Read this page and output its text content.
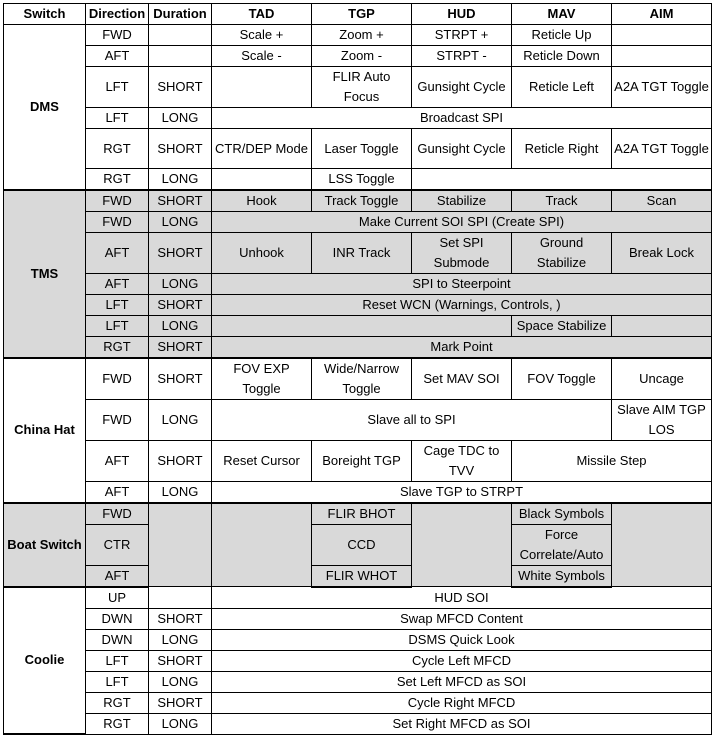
Switch	Direction	Duration	TAD	TGP	HUD	MAV	AIM
DMS	FWD		Scale +	Zoom +	STRPT +	Reticle Up	
	AFT		Scale -	Zoom -	STRPT -	Reticle Down	
	LFT	SHORT		FLIR Auto Focus	Gunsight Cycle	Reticle Left	A2A TGT Toggle
	LFT	LONG	Broadcast SPI				
	RGT	SHORT	CTR/DEP Mode	Laser Toggle	Gunsight Cycle	Reticle Right	A2A TGT Toggle
	RGT	LONG		LSS Toggle			

TMS	FWD	SHORT	Hook	Track Toggle	Stabilize	Track	Scan
	FWD	LONG	Make Current SOI SPI (Create SPI)				
	AFT	SHORT	Unhook	INR Track	Set SPI Submode	Ground Stabilize	Break Lock
	AFT	LONG	SPI to Steerpoint				
	LFT	SHORT	Reset WCN (Warnings, Controls, )				
	LFT	LONG				Space Stabilize	
	RGT	SHORT	Mark Point				
China Hat	FWD	SHORT	FOV EXP Toggle	Wide/Narrow Toggle	Set MAV SOI	FOV Toggle	Uncage
	FWD	LONG	Slave all to SPI				Slave AIM TGP LOS
	AFT	SHORT	Reset Cursor	Boreight TGP	Cage TDC to TVV	Missile Step	
	AFT	LONG	Slave TGP to STRPT				
Boat Switch	FWD			FLIR BHOT		Black Symbols	
	CTR			CCD		Force Correlate/Auto	
	AFT			FLIR WHOT		White Symbols	
Coolie	UP		HUD SOI				
	DWN	SHORT	Swap MFCD Content				
	DWN	LONG	DSMS Quick Look				
	LFT	SHORT	Cycle Left MFCD				
	LFT	LONG	Set Left MFCD as SOI				
	RGT	SHORT	Cycle Right MFCD				
	RGT	LONG	Set Right MFCD as SOI				
